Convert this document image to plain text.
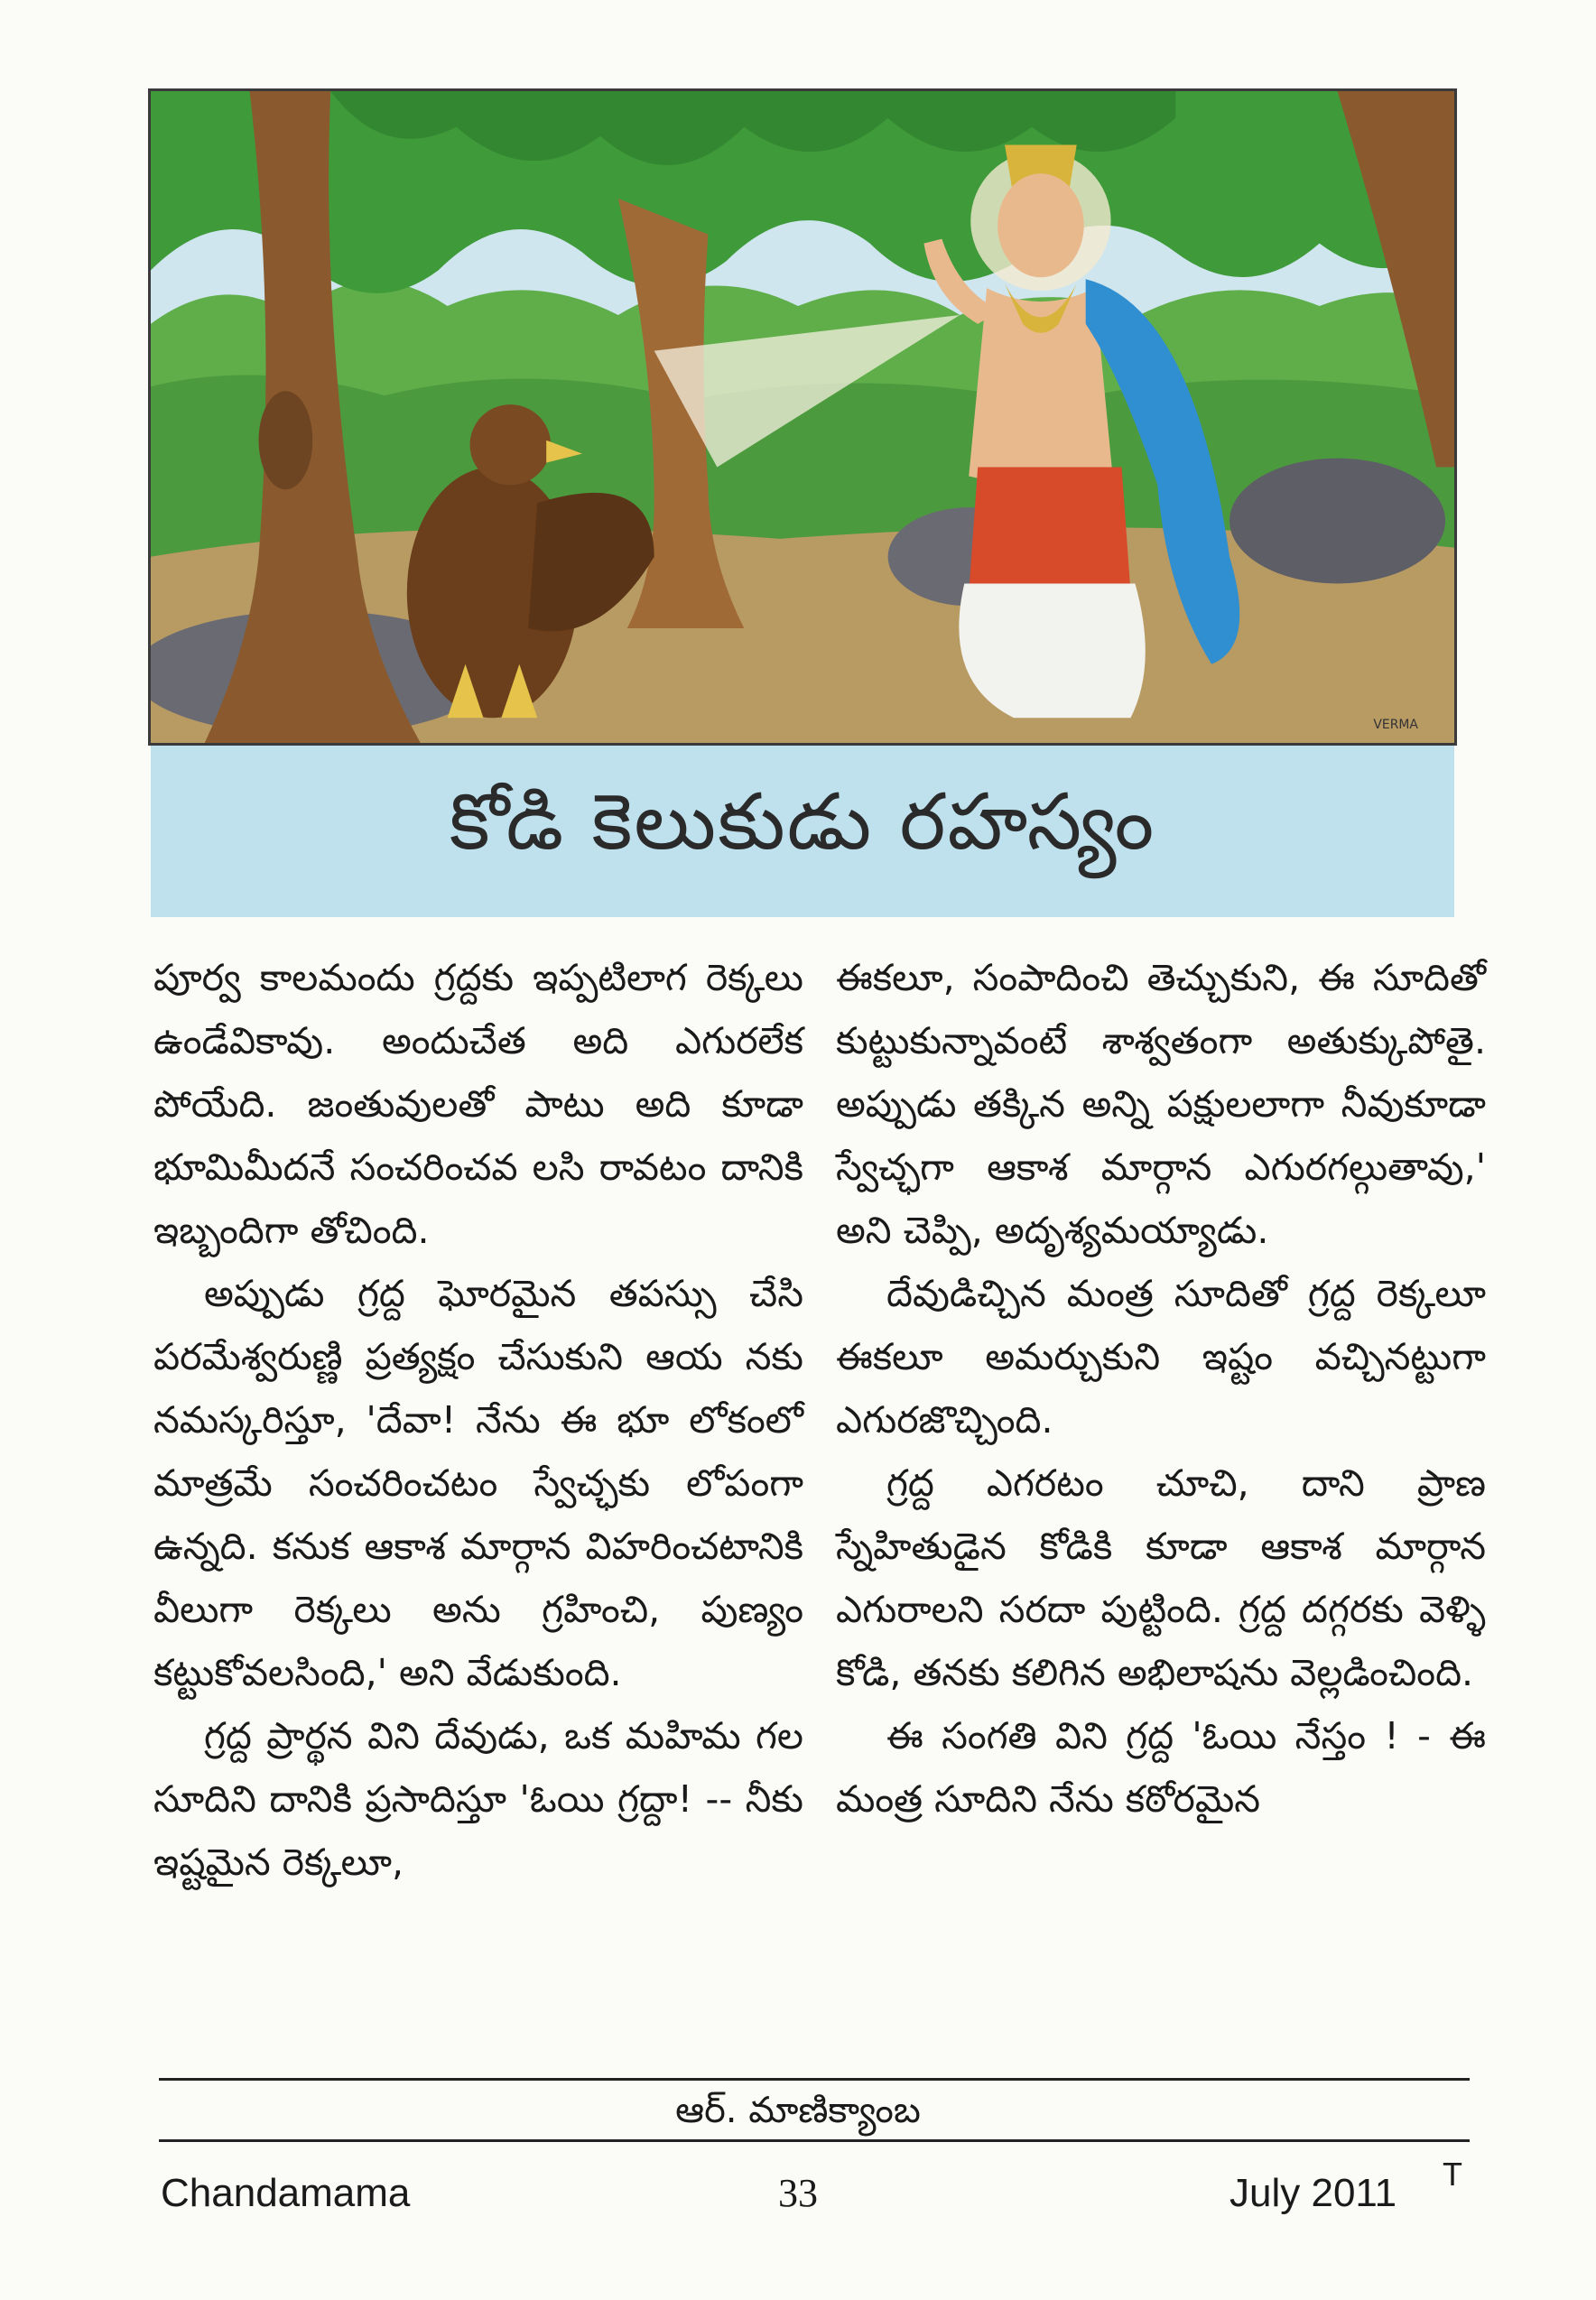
VERMA
కోడి కెలుకుడు రహస్యం

పూర్వ కాలమందు గ్రద్దకు ఇప్పటిలాగ రెక్కలు ఉండేవికావు. అందుచేత అది ఎగురలేక పోయేది. జంతువులతో పాటు అది కూడా భూమిమీదనే సంచరించవ లసి రావటం దానికి ఇబ్బందిగా తోచింది.

అప్పుడు గ్రద్ద ఘోరమైన తపస్సు చేసి పరమేశ్వరుణ్ణి ప్రత్యక్షం చేసుకుని ఆయ నకు నమస్కరిస్తూ, 'దేవా! నేను ఈ భూ లోకంలో మాత్రమే సంచరించటం స్వేచ్ఛకు లోపంగా ఉన్నది. కనుక ఆకాశ మార్గాన విహరించటానికి వీలుగా రెక్కలు అను గ్రహించి, పుణ్యం కట్టుకోవలసింది,' అని వేడుకుంది.

గ్రద్ద ప్రార్థన విని దేవుడు, ఒక మహిమ గల సూదిని దానికి ప్రసాదిస్తూ 'ఓయి గ్రద్దా! -- నీకు ఇష్టమైన రెక్కలూ,

ఈకలూ, సంపాదించి తెచ్చుకుని, ఈ సూదితో కుట్టుకున్నావంటే శాశ్వతంగా అతుక్కుపోతై. అప్పుడు తక్కిన అన్ని పక్షులలాగా నీవుకూడా స్వేచ్ఛగా ఆకాశ మార్గాన ఎగురగల్గుతావు,' అని చెప్పి, అదృశ్యమయ్యాడు.

దేవుడిచ్చిన మంత్ర సూదితో గ్రద్ద రెక్కలూ ఈకలూ అమర్చుకుని ఇష్టం వచ్చినట్టుగా ఎగురజొచ్చింది.

గ్రద్ద ఎగరటం చూచి, దాని ప్రాణ స్నేహితుడైన కోడికి కూడా ఆకాశ మార్గాన ఎగురాలని సరదా పుట్టింది. గ్రద్ద దగ్గరకు వెళ్ళి కోడి, తనకు కలిగిన అభిలాషను వెల్లడించింది.

ఈ సంగతి విని గ్రద్ద 'ఓయి నేస్తం ! - ఈ మంత్ర సూదిని నేను కఠోరమైన

ఆర్. మాణిక్యాంబ
Chandamama	33	July 2011 T
